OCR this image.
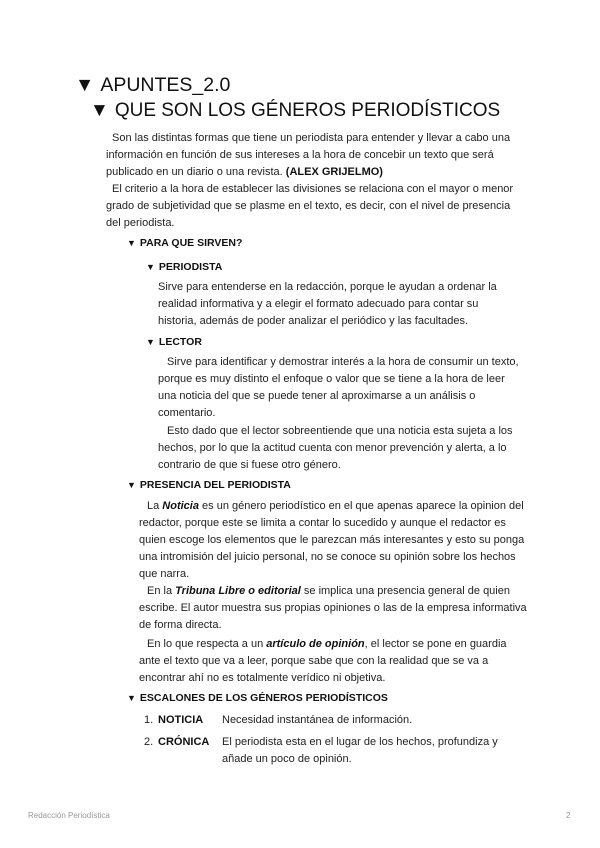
▼ APUNTES_2.0
▼ QUE SON LOS GÉNEROS PERIODÍSTICOS
Son las distintas formas que tiene un periodista para entender y llevar a cabo una información en función de sus intereses a la hora de concebir un texto que será publicado en un diario o una revista. (ALEX GRIJELMO)
El criterio a la hora de establecer las divisiones se relaciona con el mayor o menor grado de subjetividad que se plasme en el texto, es decir, con el nivel de presencia del periodista.
▼ PARA QUE SIRVEN?
▼ PERIODISTA
Sirve para entenderse en la redacción, porque le ayudan a ordenar la realidad informativa y a elegir el formato adecuado para contar su historia, además de poder analizar el periódico y las facultades.
▼ LECTOR
Sirve para identificar y demostrar interés a la hora de consumir un texto, porque es muy distinto el enfoque o valor que se tiene a la hora de leer una noticia del que se puede tener al aproximarse a un análisis o comentario.
Esto dado que el lector sobreentiende que una noticia esta sujeta a los hechos, por lo que la actitud cuenta con menor prevención y alerta, a lo contrario de que si fuese otro género.
▼ PRESENCIA DEL PERIODISTA
La Noticia es un género periodístico en el que apenas aparece la opinion del redactor, porque este se limita a contar lo sucedido y aunque el redactor es quien escoge los elementos que le parezcan más interesantes y esto su ponga una intromisión del juicio personal, no se conoce su opinión sobre los hechos que narra.
En la Tribuna Libre o editorial se implica una presencia general de quien escribe. El autor muestra sus propias opiniones o las de la empresa informativa de forma directa.
En lo que respecta a un artículo de opinión, el lector se pone en guardia ante el texto que va a leer, porque sabe que con la realidad que se va a encontrar ahí no es totalmente verídico ni objetiva.
▼ ESCALONES DE LOS GÉNEROS PERIODÍSTICOS
1. NOTICIA Necesidad instantánea de información.
2. CRÓNICA El periodista esta en el lugar de los hechos, profundiza y añade un poco de opinión.
Redacción Periodística	2
